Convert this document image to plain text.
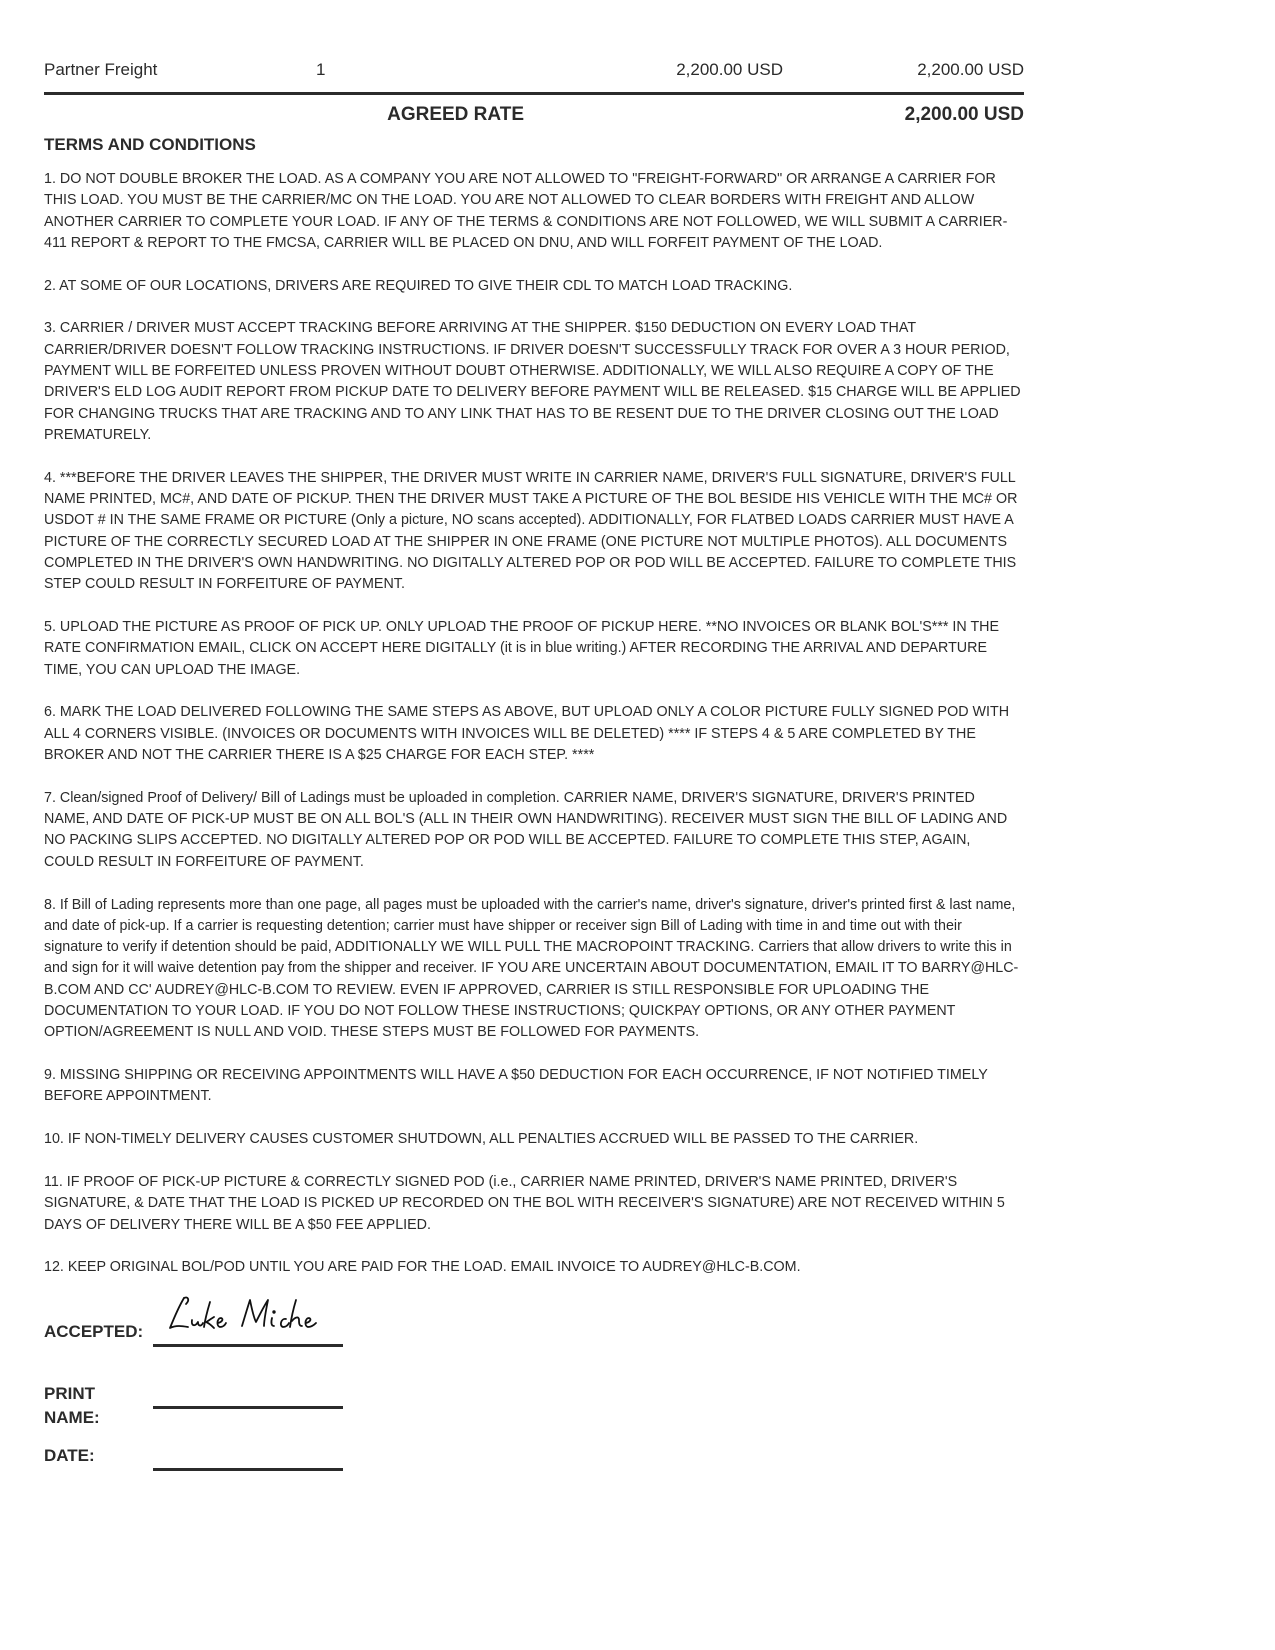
Partner Freight	1	2,200.00 USD	2,200.00 USD
AGREED RATE	2,200.00 USD
TERMS AND CONDITIONS

1. DO NOT DOUBLE BROKER THE LOAD. AS A COMPANY YOU ARE NOT ALLOWED TO "FREIGHT-FORWARD" OR ARRANGE A CARRIER FOR THIS LOAD. YOU MUST BE THE CARRIER/MC ON THE LOAD. YOU ARE NOT ALLOWED TO CLEAR BORDERS WITH FREIGHT AND ALLOW ANOTHER CARRIER TO COMPLETE YOUR LOAD. IF ANY OF THE TERMS & CONDITIONS ARE NOT FOLLOWED, WE WILL SUBMIT A CARRIER-411 REPORT & REPORT TO THE FMCSA, CARRIER WILL BE PLACED ON DNU, AND WILL FORFEIT PAYMENT OF THE LOAD.

2. AT SOME OF OUR LOCATIONS, DRIVERS ARE REQUIRED TO GIVE THEIR CDL TO MATCH LOAD TRACKING.

3. CARRIER / DRIVER MUST ACCEPT TRACKING BEFORE ARRIVING AT THE SHIPPER. $150 DEDUCTION ON EVERY LOAD THAT CARRIER/DRIVER DOESN'T FOLLOW TRACKING INSTRUCTIONS. IF DRIVER DOESN'T SUCCESSFULLY TRACK FOR OVER A 3 HOUR PERIOD, PAYMENT WILL BE FORFEITED UNLESS PROVEN WITHOUT DOUBT OTHERWISE. ADDITIONALLY, WE WILL ALSO REQUIRE A COPY OF THE DRIVER'S ELD LOG AUDIT REPORT FROM PICKUP DATE TO DELIVERY BEFORE PAYMENT WILL BE RELEASED. $15 CHARGE WILL BE APPLIED FOR CHANGING TRUCKS THAT ARE TRACKING AND TO ANY LINK THAT HAS TO BE RESENT DUE TO THE DRIVER CLOSING OUT THE LOAD PREMATURELY.

4. ***BEFORE THE DRIVER LEAVES THE SHIPPER, THE DRIVER MUST WRITE IN CARRIER NAME, DRIVER'S FULL SIGNATURE, DRIVER'S FULL NAME PRINTED, MC#, AND DATE OF PICKUP. THEN THE DRIVER MUST TAKE A PICTURE OF THE BOL BESIDE HIS VEHICLE WITH THE MC# OR USDOT # IN THE SAME FRAME OR PICTURE (Only a picture, NO scans accepted). ADDITIONALLY, FOR FLATBED LOADS CARRIER MUST HAVE A PICTURE OF THE CORRECTLY SECURED LOAD AT THE SHIPPER IN ONE FRAME (ONE PICTURE NOT MULTIPLE PHOTOS). ALL DOCUMENTS COMPLETED IN THE DRIVER'S OWN HANDWRITING. NO DIGITALLY ALTERED POP OR POD WILL BE ACCEPTED. FAILURE TO COMPLETE THIS STEP COULD RESULT IN FORFEITURE OF PAYMENT.

5. UPLOAD THE PICTURE AS PROOF OF PICK UP. ONLY UPLOAD THE PROOF OF PICKUP HERE. **NO INVOICES OR BLANK BOL'S*** IN THE RATE CONFIRMATION EMAIL, CLICK ON ACCEPT HERE DIGITALLY (it is in blue writing.) AFTER RECORDING THE ARRIVAL AND DEPARTURE TIME, YOU CAN UPLOAD THE IMAGE.

6. MARK THE LOAD DELIVERED FOLLOWING THE SAME STEPS AS ABOVE, BUT UPLOAD ONLY A COLOR PICTURE FULLY SIGNED POD WITH ALL 4 CORNERS VISIBLE. (INVOICES OR DOCUMENTS WITH INVOICES WILL BE DELETED) **** IF STEPS 4 & 5 ARE COMPLETED BY THE BROKER AND NOT THE CARRIER THERE IS A $25 CHARGE FOR EACH STEP. ****

7. Clean/signed Proof of Delivery/ Bill of Ladings must be uploaded in completion. CARRIER NAME, DRIVER'S SIGNATURE, DRIVER'S PRINTED NAME, AND DATE OF PICK-UP MUST BE ON ALL BOL'S (ALL IN THEIR OWN HANDWRITING). RECEIVER MUST SIGN THE BILL OF LADING AND NO PACKING SLIPS ACCEPTED. NO DIGITALLY ALTERED POP OR POD WILL BE ACCEPTED. FAILURE TO COMPLETE THIS STEP, AGAIN, COULD RESULT IN FORFEITURE OF PAYMENT.

8. If Bill of Lading represents more than one page, all pages must be uploaded with the carrier's name, driver's signature, driver's printed first & last name, and date of pick-up. If a carrier is requesting detention; carrier must have shipper or receiver sign Bill of Lading with time in and time out with their signature to verify if detention should be paid, ADDITIONALLY WE WILL PULL THE MACROPOINT TRACKING. Carriers that allow drivers to write this in and sign for it will waive detention pay from the shipper and receiver. IF YOU ARE UNCERTAIN ABOUT DOCUMENTATION, EMAIL IT TO BARRY@HLC-B.COM AND CC' AUDREY@HLC-B.COM TO REVIEW. EVEN IF APPROVED, CARRIER IS STILL RESPONSIBLE FOR UPLOADING THE DOCUMENTATION TO YOUR LOAD. IF YOU DO NOT FOLLOW THESE INSTRUCTIONS; QUICKPAY OPTIONS, OR ANY OTHER PAYMENT OPTION/AGREEMENT IS NULL AND VOID. THESE STEPS MUST BE FOLLOWED FOR PAYMENTS.

9. MISSING SHIPPING OR RECEIVING APPOINTMENTS WILL HAVE A $50 DEDUCTION FOR EACH OCCURRENCE, IF NOT NOTIFIED TIMELY BEFORE APPOINTMENT.

10. IF NON-TIMELY DELIVERY CAUSES CUSTOMER SHUTDOWN, ALL PENALTIES ACCRUED WILL BE PASSED TO THE CARRIER.

11. IF PROOF OF PICK-UP PICTURE & CORRECTLY SIGNED POD (i.e., CARRIER NAME PRINTED, DRIVER'S NAME PRINTED, DRIVER'S SIGNATURE, & DATE THAT THE LOAD IS PICKED UP RECORDED ON THE BOL WITH RECEIVER'S SIGNATURE) ARE NOT RECEIVED WITHIN 5 DAYS OF DELIVERY THERE WILL BE A $50 FEE APPLIED.

12. KEEP ORIGINAL BOL/POD UNTIL YOU ARE PAID FOR THE LOAD. EMAIL INVOICE TO AUDREY@HLC-B.COM.

ACCEPTED:
PRINT
NAME:
DATE:
